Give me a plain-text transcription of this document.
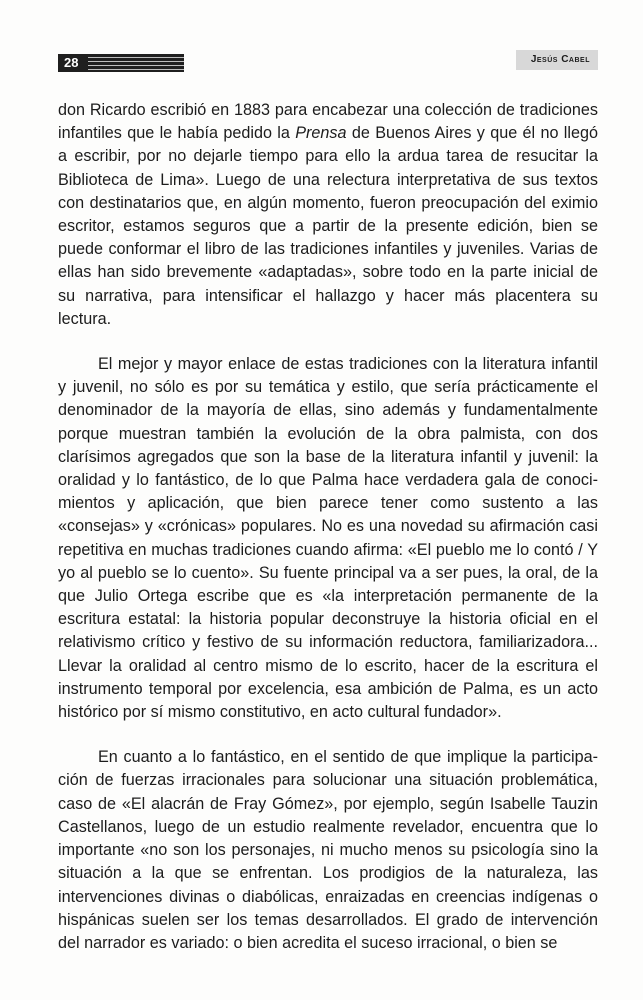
28	Jesús Cabel

don Ricardo escribió en 1883 para encabezar una colección de tradiciones infantiles que le había pedido la Prensa de Buenos Aires y que él no llegó a escribir, por no dejarle tiempo para ello la ardua tarea de resucitar la Biblioteca de Lima». Luego de una relectura interpretativa de sus textos con destinatarios que, en algún momento, fueron preocupación del eximio escritor, estamos seguros que a partir de la presente edición, bien se puede conformar el libro de las tradiciones infantiles y juveniles. Varias de ellas han sido brevemente «adaptadas», sobre todo en la parte inicial de su narrativa, para intensificar el hallazgo y hacer más placentera su lectura.

El mejor y mayor enlace de estas tradiciones con la literatura infantil y juvenil, no sólo es por su temática y estilo, que sería prácticamente el denominador de la mayoría de ellas, sino además y fundamentalmente porque muestran también la evolución de la obra palmista, con dos clarísimos agregados que son la base de la literatura infantil y juvenil: la oralidad y lo fantástico, de lo que Palma hace verdadera gala de conocimientos y aplicación, que bien parece tener como sustento a las «consejas» y «crónicas» populares. No es una novedad su afirmación casi repetitiva en muchas tradiciones cuando afirma: «El pueblo me lo contó / Y yo al pueblo se lo cuento». Su fuente principal va a ser pues, la oral, de la que Julio Ortega escribe que es «la interpretación permanente de la escritura estatal: la historia popular deconstruye la historia oficial en el relativismo crítico y festivo de su información reductora, familiarizadora... Llevar la oralidad al centro mismo de lo escrito, hacer de la escritura el instrumento temporal por excelencia, esa ambición de Palma, es un acto histórico por sí mismo constitutivo, en acto cultural fundador».

En cuanto a lo fantástico, en el sentido de que implique la participación de fuerzas irracionales para solucionar una situación problemática, caso de «El alacrán de Fray Gómez», por ejemplo, según Isabelle Tauzin Castellanos, luego de un estudio realmente revelador, encuentra que lo importante «no son los personajes, ni mucho menos su psicología sino la situación a la que se enfrentan. Los prodigios de la naturaleza, las intervenciones divinas o diabólicas, enraizadas en creencias indígenas o hispánicas suelen ser los temas desarrollados. El grado de intervención del narrador es variado: o bien acredita el suceso irracional, o bien se
